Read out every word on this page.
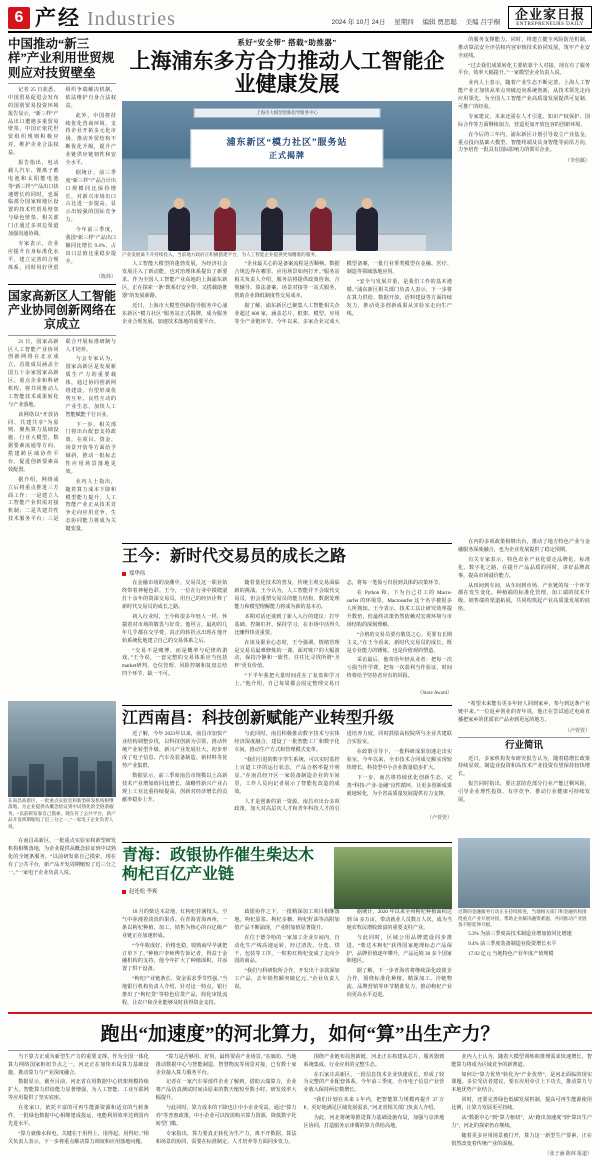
6 产经 Industries	2024 年 10月 24日 星期四 编辑 贾思聪 美编 吕宇桐
企业家日报
ENTREPRENEURS DAILY
中国推动“新三样”产业利用世贸规则应对技贸壁垒

记者 25 日获悉，中国贸易促进会发布的国别贸易投资环境报告显示，“新三样”产品出口遭遇多重贸易壁垒，中国正依托世贸组织规则积极应对，维护企业合法权益。

报告指出，电动载人汽车、锂离子蓄电池和太阳能电池等“新三样”产品出口快速增长的同时，也面临部分国家和地区设置的技术性贸易壁垒与绿色壁垒。相关部门正通过多双边渠道加强沟通协调。

专家表示，企业应提升自身标准化水平，建立完善的合规体系，同时用好世贸组织争端解决机制，依法维护自身合法权益。

此外，中国将持续优化营商环境，支持企业开拓多元化市场，推动外贸结构不断优化升级，提升产业链供应链韧性和安全水平。

据统计，前三季度“新三样”产品合计出口规模同比保持增长，对新兴市场出口占比进一步提高，显示出较强的国际竞争力。

今年前三季度，我国“新三样”产品出口额同比增长 9.4%，占出口总值比重稳步提升。

（陈炜）
国家高新区人工智能产业协同创新网络在京成立

21 日，国家高新区人工智能产业协同创新网络在北京成立，首批成员涵盖全国五十余家国家高新区、重点企业和科研机构，将共同推动人工智能技术成果转化与产业落地。

该网络以“开放协同、共建共享”为原则，聚焦算力基础设施、行业大模型、数据要素流通等方向，搭建跨区域协作平台，促进创新要素高效配置。

据介绍，网络成立后将重点推进三方面工作：一是建立人工智能产业供需对接机制；二是共建共性技术服务平台；三是联合开展标准研制与人才培养。

与会专家认为，国家高新区是发展新质生产力的重要载体，通过协同创新网络建设，有望形成优势互补、良性互动的产业生态，加快人工智能赋能千行百业。

下一步，相关部门将出台配套支持政策，在项目、资金、场景开放等方面给予倾斜，推动一批标志性应用场景落地见效。

业内人士指出，随着算力成本下降和模型能力提升，人工智能产业正从技术竞争走向应用竞争，生态协同能力将成为关键变量。

系好“安全带” 搭载“助推器”
上海浦东多方合力推动人工智能企业健康发展
上海市大模型创新指导服务中心
浦东新区“模力社区”服务站
正式揭牌
产业发展离不开持续投入，当前地方政府正积极搭建平台，为人工智能企业提供更加精准的服务。

人工智能大模型的蓬勃发展，为经济社会发展注入了新动能，也对治理体系提出了新要求。作为全国人工智能产业高地的上海浦东新区，正在探索一条“既系好安全带、又搭载助推器”的发展新路。

近日，上海市大模型创新指导服务中心浦东新区“模力社区”服务站正式揭牌，成为服务企业合规发展、加速技术落地的重要平台。

“企业最关心的是备案流程是否顺畅、数据合规边界在哪里、应用场景如何打开。”服务站相关负责人介绍，服务站将提供政策咨询、合规辅导、算法备案、场景对接等一站式服务，帮助企业降低制度性交易成本。

据了解，浦东新区已聚集人工智能相关企业超过 600 家，涵盖芯片、框架、模型、应用等全产业链环节。今年以来，多家企业完成大模型备案，一批行业垂类模型在金融、医疗、制造等领域落地应用。

“安全与发展并重，是我们工作的基本遵循。”浦东新区相关部门负责人表示，下一步将在算力供给、数据开放、语料建设等方面持续发力，推动更多创新成果从实验室走向生产线。

的服务支撑能力。同时，将建立健全风险防范机制，推动算法安全评估和内容审核技术协同发展，筑牢产业安全底线。

“过去我们成果转化主要依靠个人对接，现在有了服务平台，效率大幅提升。”一家模型企业负责人说。

业内人士表示，随着产业生态不断完善，上海人工智能产业正加快从单点突破迈向系统创新，从技术领先走向应用领先，为全国人工智能产业高质量发展提供可复制、可推广的经验。

专家建议，未来还需在人才引进、知识产权保护、国际合作等方面继续加力，营造更加开放包容的创新环境。

在今后的三年内，浦东新区计划引导设立产业基金，重点投向基础大模型、智能终端及具身智能等前沿方向，力争培育一批具有国际影响力的领军企业。

（李佳蹊）
王今：新时代交易员的成长之路
郑华伟

在金融市场的浪潮中，交易员这一职业始终带着神秘色彩。王今，一位在行业中摸爬滚打十余年的资深交易员，用自己的经历诠释了新时代交易员的成长之路。

初入行业时，王今和很多年轻人一样，怀揣着对市场的敬畏与好奇。他坦言，最初的几年几乎都在交学费，真正的转折点出现在他开始系统化地建立自己的交易体系之后。

“交易不是赌博，而是概率与纪律的游戏。”王今说，一套完整的交易体系应当包括market研判、仓位管理、风险控制和复盘总结四个环节，缺一不可。

随着量化技术的普及，传统主观交易面临新的挑战。王今认为，人工智能并不会取代交易员，但会重塑交易员的能力结构，数据处理能力和模型理解能力将成为新的基本功。

本期对话还谈到了新人入行的建议：打牢基础、控制杠杆、保持学习，在市场中活得久比赚得快更重要。

在谈及职业心态时，王今强调，情绪管理是交易员最难修炼的一课。面对账户的大幅波动，保持冷静和一致性，往往比寻找所谓“圣杯”更有价值。

“下半年我把大量时间花在了复盘和学习上。”他介绍，自己每周都会固定整理交易日志，将每一笔盈亏归因到具体的决策环节。

在 Python 和、下为自己打工的 Macro-surfer 的环境里，Macrosurfer 这个名字被很多人所熟知。王今表示，技术工具让研究效率提升数倍，但最终决策仍然依赖对宏观环境与市场结构的深刻理解。

“合格的交易员要有敬畏之心，更要有长期主义。”在王今看来，新时代交易员的成长，既是专业能力的锤炼，也是价值观的塑造。

采访最后，他寄语年轻从业者：把每一次亏损当作学费，把每一次盈利当作验证，时间终将给予坚持者应有的回报。

（Store Award）

在内的多项政策相继出台，推动了地方特色产业与金融服务深度融合，也为企业发展提供了稳定预期。

有关专家表示，特色农业产业化要走品牌化、标准化、数字化之路，在提升产品品质的同时，讲好品牌故事，提高市场溢价能力。

从田间到车间，从车间到市场，产业链的每一个环节都在发生变化。种植端的标准化管理、加工端的技术升级、销售端的渠道拓展，共同构筑起产业高质量发展的底座。

在南昌高新区，一批重点实验室和新型研发机构相继落地，为企业提供从概念验证到中试熟化的全链条服务。“以前研发靠自己摸索，现在有了公共平台，新产品开发周期缩短了近三分之一。”一家电子企业负责人说。
江西南昌：科技创新赋能产业转型升级

近了解，今年 2023年以来，南昌市加快产业结构调整步伐，以科技创新为引领，推动传统产业转型升级、新兴产业发展壮大，初步形成了电子信息、汽车及装备制造、新材料等优势产业集群。

数据显示，前三季度南昌市规模以上高新技术产业增加值同比增长，战略性新兴产业占规上工业比重持续提高，创新对经济增长的贡献率稳步上升。

与此同时，南昌积极推动数字技术与实体经济深度融合，建设了一批智能工厂和数字化车间，推动生产方式和管理模式变革。

“我们引进的数字孪生系统，可以实时监控上百道工序的运行状态，产品合格率提升明显。”在南昌经开区一家装备制造企业的车间里，工作人员向记者展示了智能化改造的成效。

人才是创新的第一资源。南昌市出台多项政策，加大对高层次人才和青年科技人才的引进培养力度，同时鼓励高校院所与企业共建联合实验室。

在政策引导下，一批科研成果加速走出实验室。今年以来，全市技术合同成交额实现较快增长，科技型中小企业数量稳步扩大。

下一步，南昌将持续优化创新生态，完善“科技-产业-金融”良性循环，让更多创新成果就地转化，为全省高质量发展提供有力支撑。

（卢萱萱）

“希望未来能有更多年轻人回到家乡，参与到这条产业链中来。”一位返乡创业的青年说，他正在尝试通过电商直播把家乡的优质农产品卖到更远的地方。

（卢萱萱）
行业简讯

近日，多家机构发布研究报告认为，随着稳增长政策持续显效，制造业投资和高技术产业投资有望保持较快增长。

报告同时指出，要注意防范部分行业产能过剩风险，引导企业理性投资、有序竞争，推动行业健康可持续发展。

在南昌高新区，一批重点实验室和新型研发机构相继落地，为企业提供从概念验证到中试熟化的全链条服务。“以前研发靠自己摸索，现在有了公共平台，新产品开发周期缩短了近三分之一。”一家电子企业负责人说。

青海：政银协作催生柴达木枸杞百亿产业链
赵连松 李爽

10 月的柴达木盆地，红枸杞挂满枝头，空气中弥漫着淡淡的果香。在青海省海西州，一条以枸杞种植、加工、销售为核心的百亿级产业链正在加速形成。

“今年收成好，价格也稳，收购商早早就把订单下了。”种植户李师傅告诉记者，得益于金融机构的支持，他今年扩大了种植面积，并添置了烘干设备。

“枸杞产业链条长、资金需求季节性强。”当地银行机构负责人介绍，针对这一特点，银行推出了“枸杞贷”等特色信贷产品，简化审批流程，让农户和企业能够及时获得资金支持。

政银协作之下，一批精深加工项目相继落地。枸杞原浆、枸杞多糖、枸杞籽油等高附加值产品不断涌现，产业附加值显著提升。

在位于德令哈的一家加工企业车间内，自动化生产线高速运转，经过清洗、分选、烘干、包装等工序，一粒粒红枸杞变成了走向全国的商品。

“我们与科研院所合作，开发出十多款深加工产品，去年销售额突破亿元。”企业负责人说。

据统计，2020 年以来全州枸杞种植面积达到 50 多万亩，带动就业人员数万人次，成为当地农牧民增收致富的重要支柱产业。

与此同时，区域公用品牌建设同步推进。“柴达木枸杞”获得国家地理标志产品保护，品牌价值逐年攀升，产品远销 30 多个国家和地区。

据了解，下一步青海省将继续深化政银企合作，围绕标准化种植、精深加工、冷链物流、品牌营销等环节精准发力，推动枸杞产业向更高水平迈进。

近期的金融服务行动正在持续推进，当地相关部门和金融机构围绕重点产业开展对接，帮助企业解决融资难题，共同推动产业链条不断延伸升级。

5.3% 为前三季度高技术制造业增加值同比增速

9.4% 前三季度装备制造业投资增长水平

17.92 亿元 当地特色产业年度产值规模

跑出“加速度”的河北算力，如何“算”出生产力？

当下算力正成为新型生产力的重要支撑。作为全国一体化算力网络国家枢纽节点之一，河北正在加快布局算力基础设施，推动算力与产业深度融合。

数据显示，截至目前，河北省在用数据中心机架规模持续扩大，智能算力供给能力显著增强，为人工智能、工业互联网等应用提供了坚实底座。

在张家口，依托丰富的可再生能源资源和适宜的气候条件，一批绿色数据中心相继建成投运，电能利用效率达到国内先进水平。

“算力就像水和电，关键在于用得上、用得起、用得好。”相关负责人表示，下一步将重点解决算力调度和应用落地问题。

“算力是否够用、好用，最终要看产业场景。”在廊坊，当地推动数据中心与智能制造、智慧物流等场景对接，已有数十家企业接入算力服务平台。

记者在一家汽车零部件企业了解到，借助云端算力，企业将产品仿真测试时间由原来的数天缩短至数小时，研发效率大幅提升。

与此同时，算力成本的下降也让中小企业受益。通过“算力券”等普惠政策，中小企业可以按需购买算力资源，降低数字化转型门槛。

专家指出，算力要真正转化为生产力，离不开数据、算法和场景的协同，需要在标准制定、人才培养等方面同步发力。

围绕产业链布局创新链，河北正在构建从芯片、服务器到系统集成、行业应用的完整生态。

在石家庄高新区，一批信息技术企业快速成长，形成了较为完整的产业配套体系。今年前三季度，全市电子信息产业营业收入保持两位数增长。

“我们计划在未来 3 年内，把智能算力规模再提升 37 万 P，更好地满足区域发展需求。”河北省相关部门负责人介绍。

为此，河北将统筹推进算力基础设施布局，加强与京津地区协同，打造服务京津冀的算力供给高地。

业内人士认为，随着大模型训练和推理需求快速增长，智能算力将成为区域竞争的新赛道。

如何让“算力优势”转化为“产业优势”，是河北面临的现实课题。多位受访者建议，要在应用牵引上下功夫，推动算力与本地优势产业结合。

同时，还要完善绿色低碳发展机制，提高可再生能源使用比例，让算力发展更可持续。

从“数据中心”到“算力枢纽”，从“跑出加速度”到“算出生产力”，河北的探索仍在继续。

随着更多应用场景被打开，算力这一新型生产要素，正在悄然改变着传统产业的面貌。

（张子涵 陈林 报道）
